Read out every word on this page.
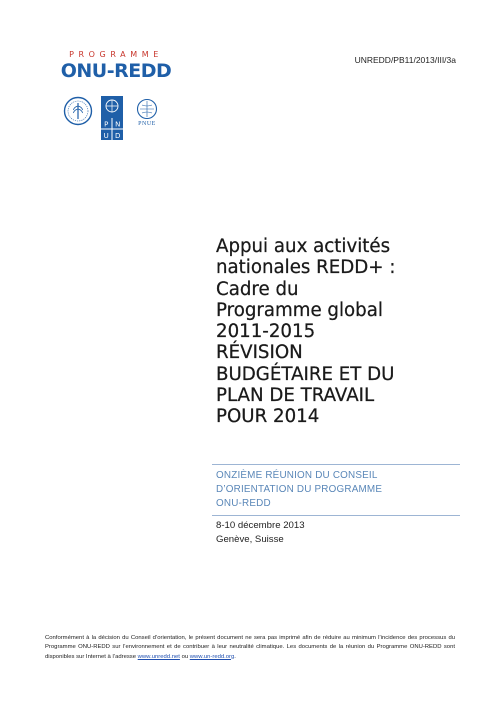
PROGRAMME
ONU-REDD	UNREDD/PB11/2013/III/3a
P N
U D
PNUE
Appui aux activités
nationales REDD+ :
Cadre du
Programme global
2011-2015
RÉVISION
BUDGÉTAIRE ET DU
PLAN DE TRAVAIL
POUR 2014
ONZIÈME RÉUNION DU CONSEIL
D’ORIENTATION DU PROGRAMME
ONU-REDD
8-10 décembre 2013
Genève, Suisse
Conformément à la décision du Conseil d’orientation, le présent document ne sera pas imprimé afin de réduire au minimum l’incidence des processus du Programme ONU-REDD sur l’environnement et de contribuer à leur neutralité climatique. Les documents de la réunion du Programme ONU-REDD sont disponibles sur Internet à l’adresse www.unredd.net ou www.un-redd.org.
